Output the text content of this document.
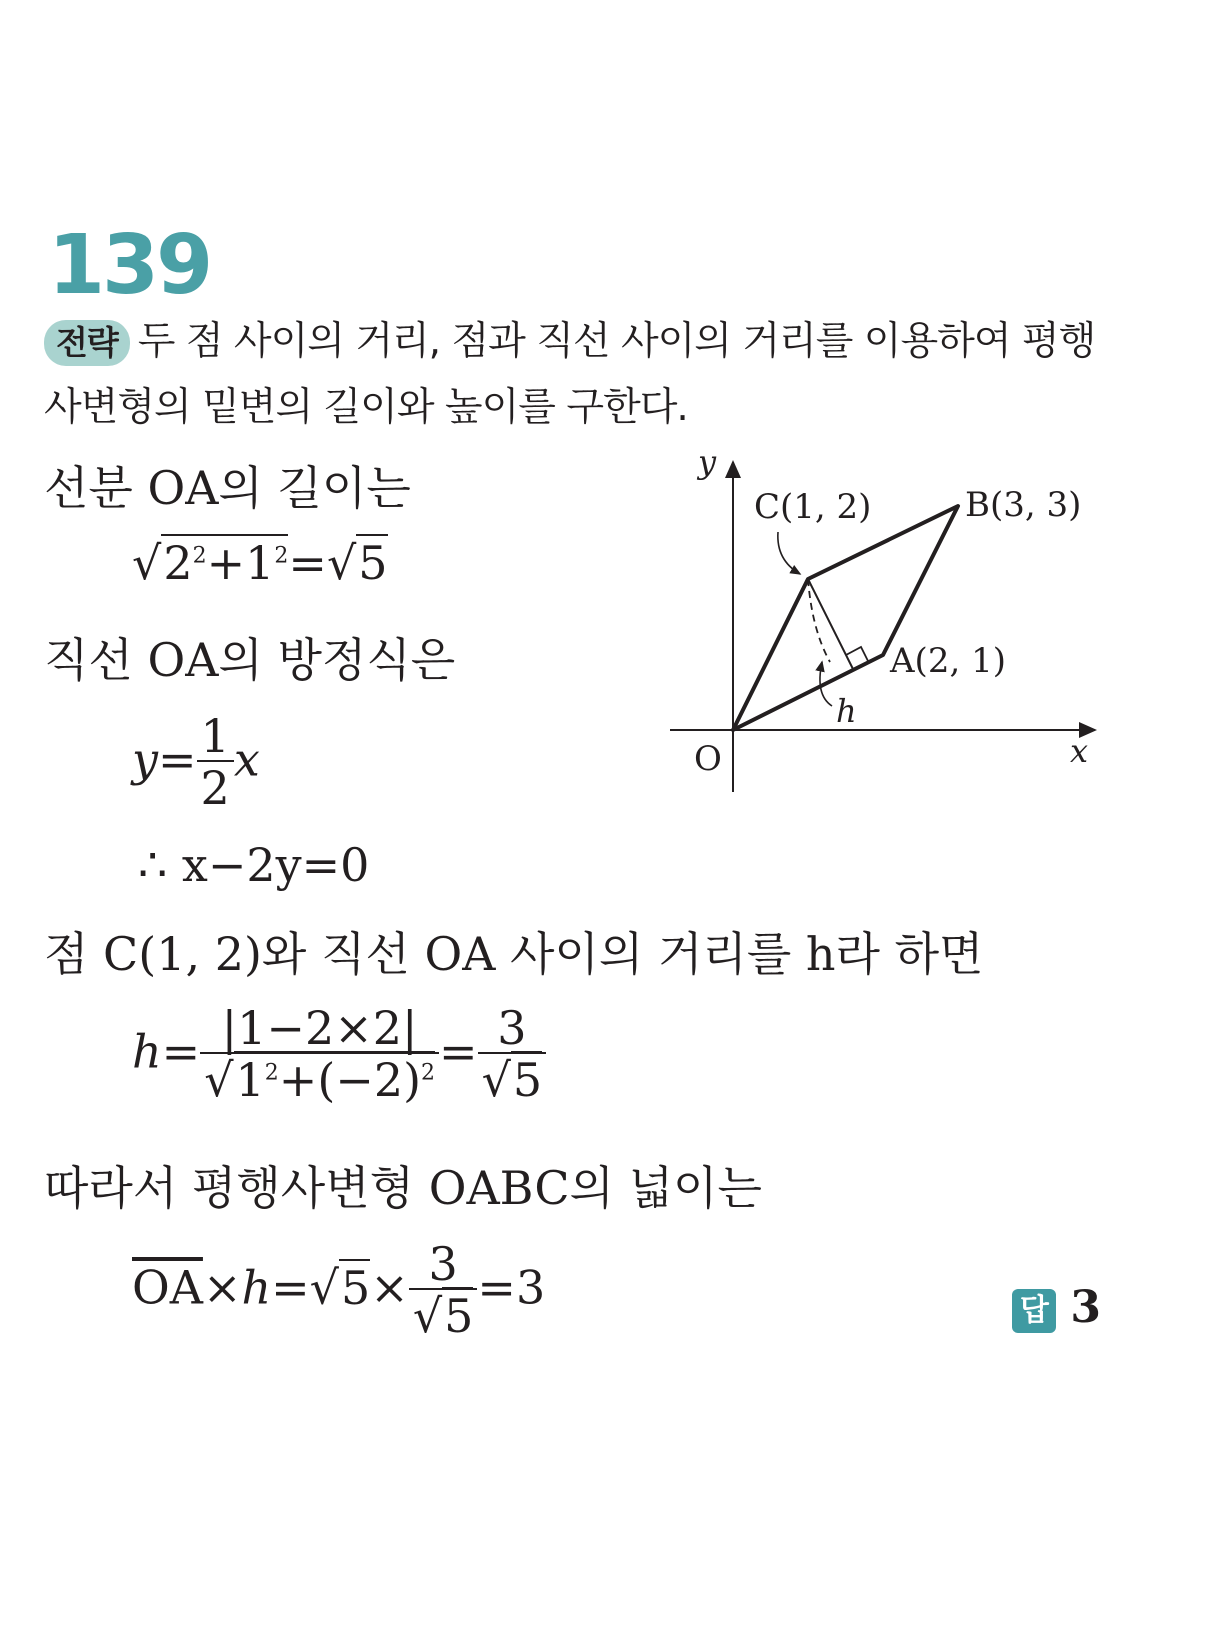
139
전략 두 점 사이의 거리, 점과 직선 사이의 거리를 이용하여 평행
사변형의 밑변의 길이와 높이를 구한다.
선분 OA의 길이는
$√2^2+1^2=√5$
직선 OA의 방정식은
$y= \frac{1}{2}$ x
∴ x−2y=0
점 C(1, 2)와 직선 OA 사이의 거리를 h라 하면
$h= \frac{|1-2\times 2|}{√1^2+(-2)^2} = \frac{3}{√5}$
따라서 평행사변형 OABC의 넓이는
$\overline{OA}\times h=√5\times \frac{3}{√5} =3$	답 3
y
x
O
C(1, 2)	B(3, 3)
A(2, 1)
h
